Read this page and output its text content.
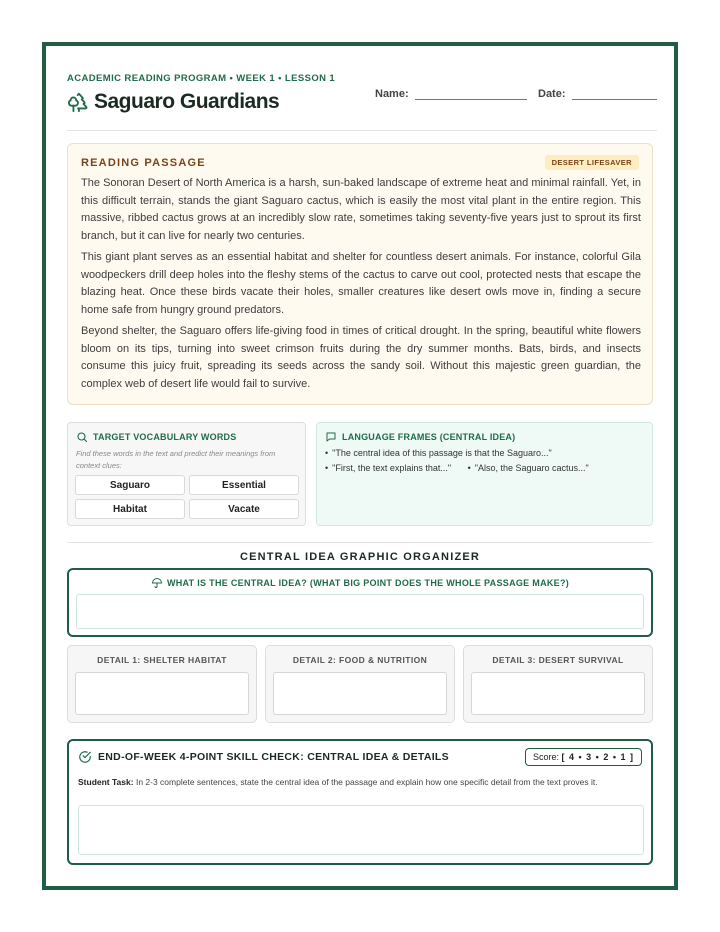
ACADEMIC READING PROGRAM • WEEK 1 • LESSON 1
Saguaro Guardians	Name:	Date:
READING PASSAGE	DESERT LIFESAVER

The Sonoran Desert of North America is a harsh, sun-baked landscape of extreme heat and minimal rainfall. Yet, in this difficult terrain, stands the giant Saguaro cactus, which is easily the most vital plant in the entire region. This massive, ribbed cactus grows at an incredibly slow rate, sometimes taking seventy-five years just to sprout its first branch, but it can live for nearly two centuries.

This giant plant serves as an essential habitat and shelter for countless desert animals. For instance, colorful Gila woodpeckers drill deep holes into the fleshy stems of the cactus to carve out cool, protected nests that escape the blazing heat. Once these birds vacate their holes, smaller creatures like desert owls move in, finding a secure home safe from hungry ground predators.

Beyond shelter, the Saguaro offers life-giving food in times of critical drought. In the spring, beautiful white flowers bloom on its tips, turning into sweet crimson fruits during the dry summer months. Bats, birds, and insects consume this juicy fruit, spreading its seeds across the sandy soil. Without this majestic green guardian, the complex web of desert life would fail to survive.

TARGET VOCABULARY WORDS
Find these words in the text and predict their meanings from context clues:
Saguaro	Essential
Habitat	Vacate
LANGUAGE FRAMES (CENTRAL IDEA)
• "The central idea of this passage is that the Saguaro..."
• "First, the text explains that..." •	"Also, the Saguaro cactus..."
CENTRAL IDEA GRAPHIC ORGANIZER
WHAT IS THE CENTRAL IDEA? (WHAT BIG POINT DOES THE WHOLE PASSAGE MAKE?)
DETAIL 1: SHELTER HABITAT	DETAIL 2: FOOD & NUTRITION	DETAIL 3: DESERT SURVIVAL
END-OF-WEEK 4-POINT SKILL CHECK: CENTRAL IDEA & DETAILS	Score: [ 4 • 3 • 2 • 1 ]
Student Task: In 2-3 complete sentences, state the central idea of the passage and explain how one specific detail from the text proves it.
